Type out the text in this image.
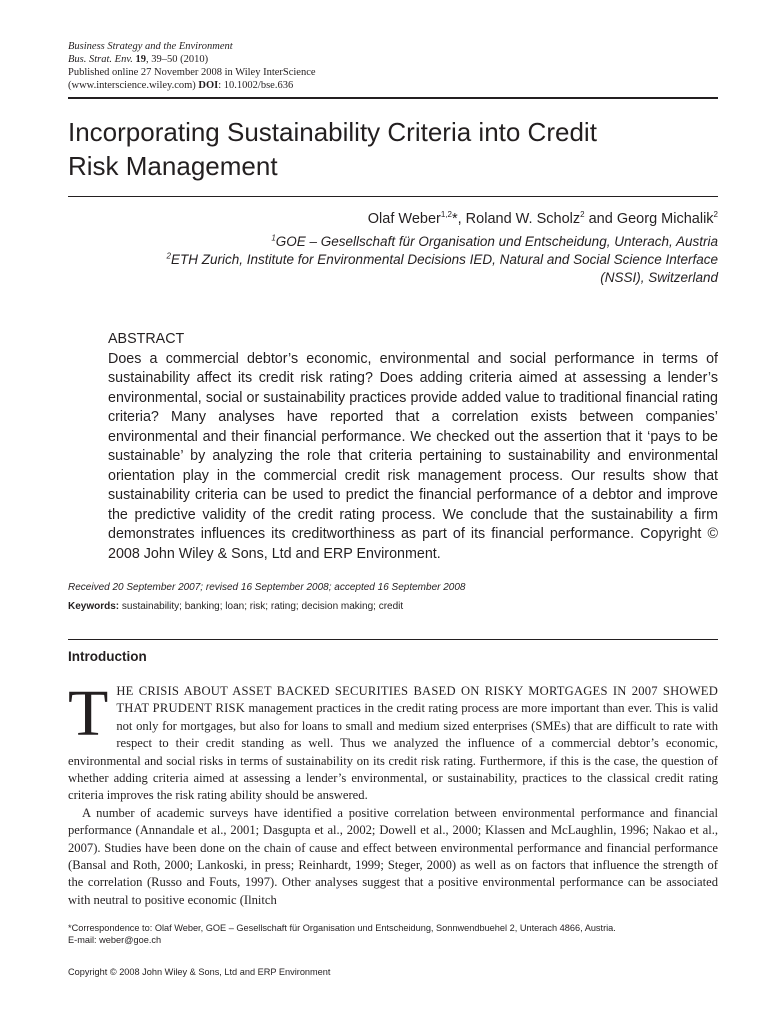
Business Strategy and the Environment
Bus. Strat. Env. 19, 39–50 (2010)
Published online 27 November 2008 in Wiley InterScience
(www.interscience.wiley.com) DOI: 10.1002/bse.636
Incorporating Sustainability Criteria into Credit
Risk Management
Olaf Weber$^{1,2}$*, Roland W. Scholz$^2$ and Georg Michalik$^2$
$^1$GOE – Gesellschaft für Organisation und Entscheidung, Unterach, Austria
$^2$ETH Zurich, Institute for Environmental Decisions IED, Natural and Social Science Interface
(NSSI), Switzerland
ABSTRACT
Does a commercial debtor’s economic, environmental and social performance in terms of sustainability affect its credit risk rating? Does adding criteria aimed at assessing a lender’s environmental, social or sustainability practices provide added value to traditional financial rating criteria? Many analyses have reported that a correlation exists between companies’ environmental and their financial performance. We checked out the assertion that it ‘pays to be sustainable’ by analyzing the role that criteria pertaining to sustainability and environmental orientation play in the commercial credit risk management process. Our results show that sustainability criteria can be used to predict the financial performance of a debtor and improve the predictive validity of the credit rating process. We conclude that the sustainability a firm demonstrates influences its creditworthiness as part of its financial performance. Copyright © 2008 John Wiley & Sons, Ltd and ERP Environment.
Received 20 September 2007; revised 16 September 2008; accepted 16 September 2008
Keywords: sustainability; banking; loan; risk; rating; decision making; credit
Introduction

THE CRISIS ABOUT ASSET BACKED SECURITIES BASED ON RISKY MORTGAGES IN 2007 SHOWED THAT PRUDENT RISK management practices in the credit rating process are more important than ever. This is valid not only for mortgages, but also for loans to small and medium sized enterprises (SMEs) that are difficult to rate with respect to their credit standing as well. Thus we analyzed the influence of a commercial debtor’s economic, environmental and social risks in terms of sustainability on its credit risk rating. Furthermore, if this is the case, the question of whether adding criteria aimed at assessing a lender’s environmental, or sustainability, practices to the classical credit rating criteria improves the risk rating ability should be answered.

A number of academic surveys have identified a positive correlation between environmental performance and financial performance (Annandale et al., 2001; Dasgupta et al., 2002; Dowell et al., 2000; Klassen and McLaughlin, 1996; Nakao et al., 2007). Studies have been done on the chain of cause and effect between environmental performance and financial performance (Bansal and Roth, 2000; Lankoski, in press; Reinhardt, 1999; Steger, 2000) as well as on factors that influence the strength of the correlation (Russo and Fouts, 1997). Other analyses suggest that a positive environmental performance can be associated with neutral to positive economic (Ilnitch

*Correspondence to: Olaf Weber, GOE – Gesellschaft für Organisation und Entscheidung, Sonnwendbuehel 2, Unterach 4866, Austria.
E-mail: weber@goe.ch
Copyright © 2008 John Wiley & Sons, Ltd and ERP Environment
